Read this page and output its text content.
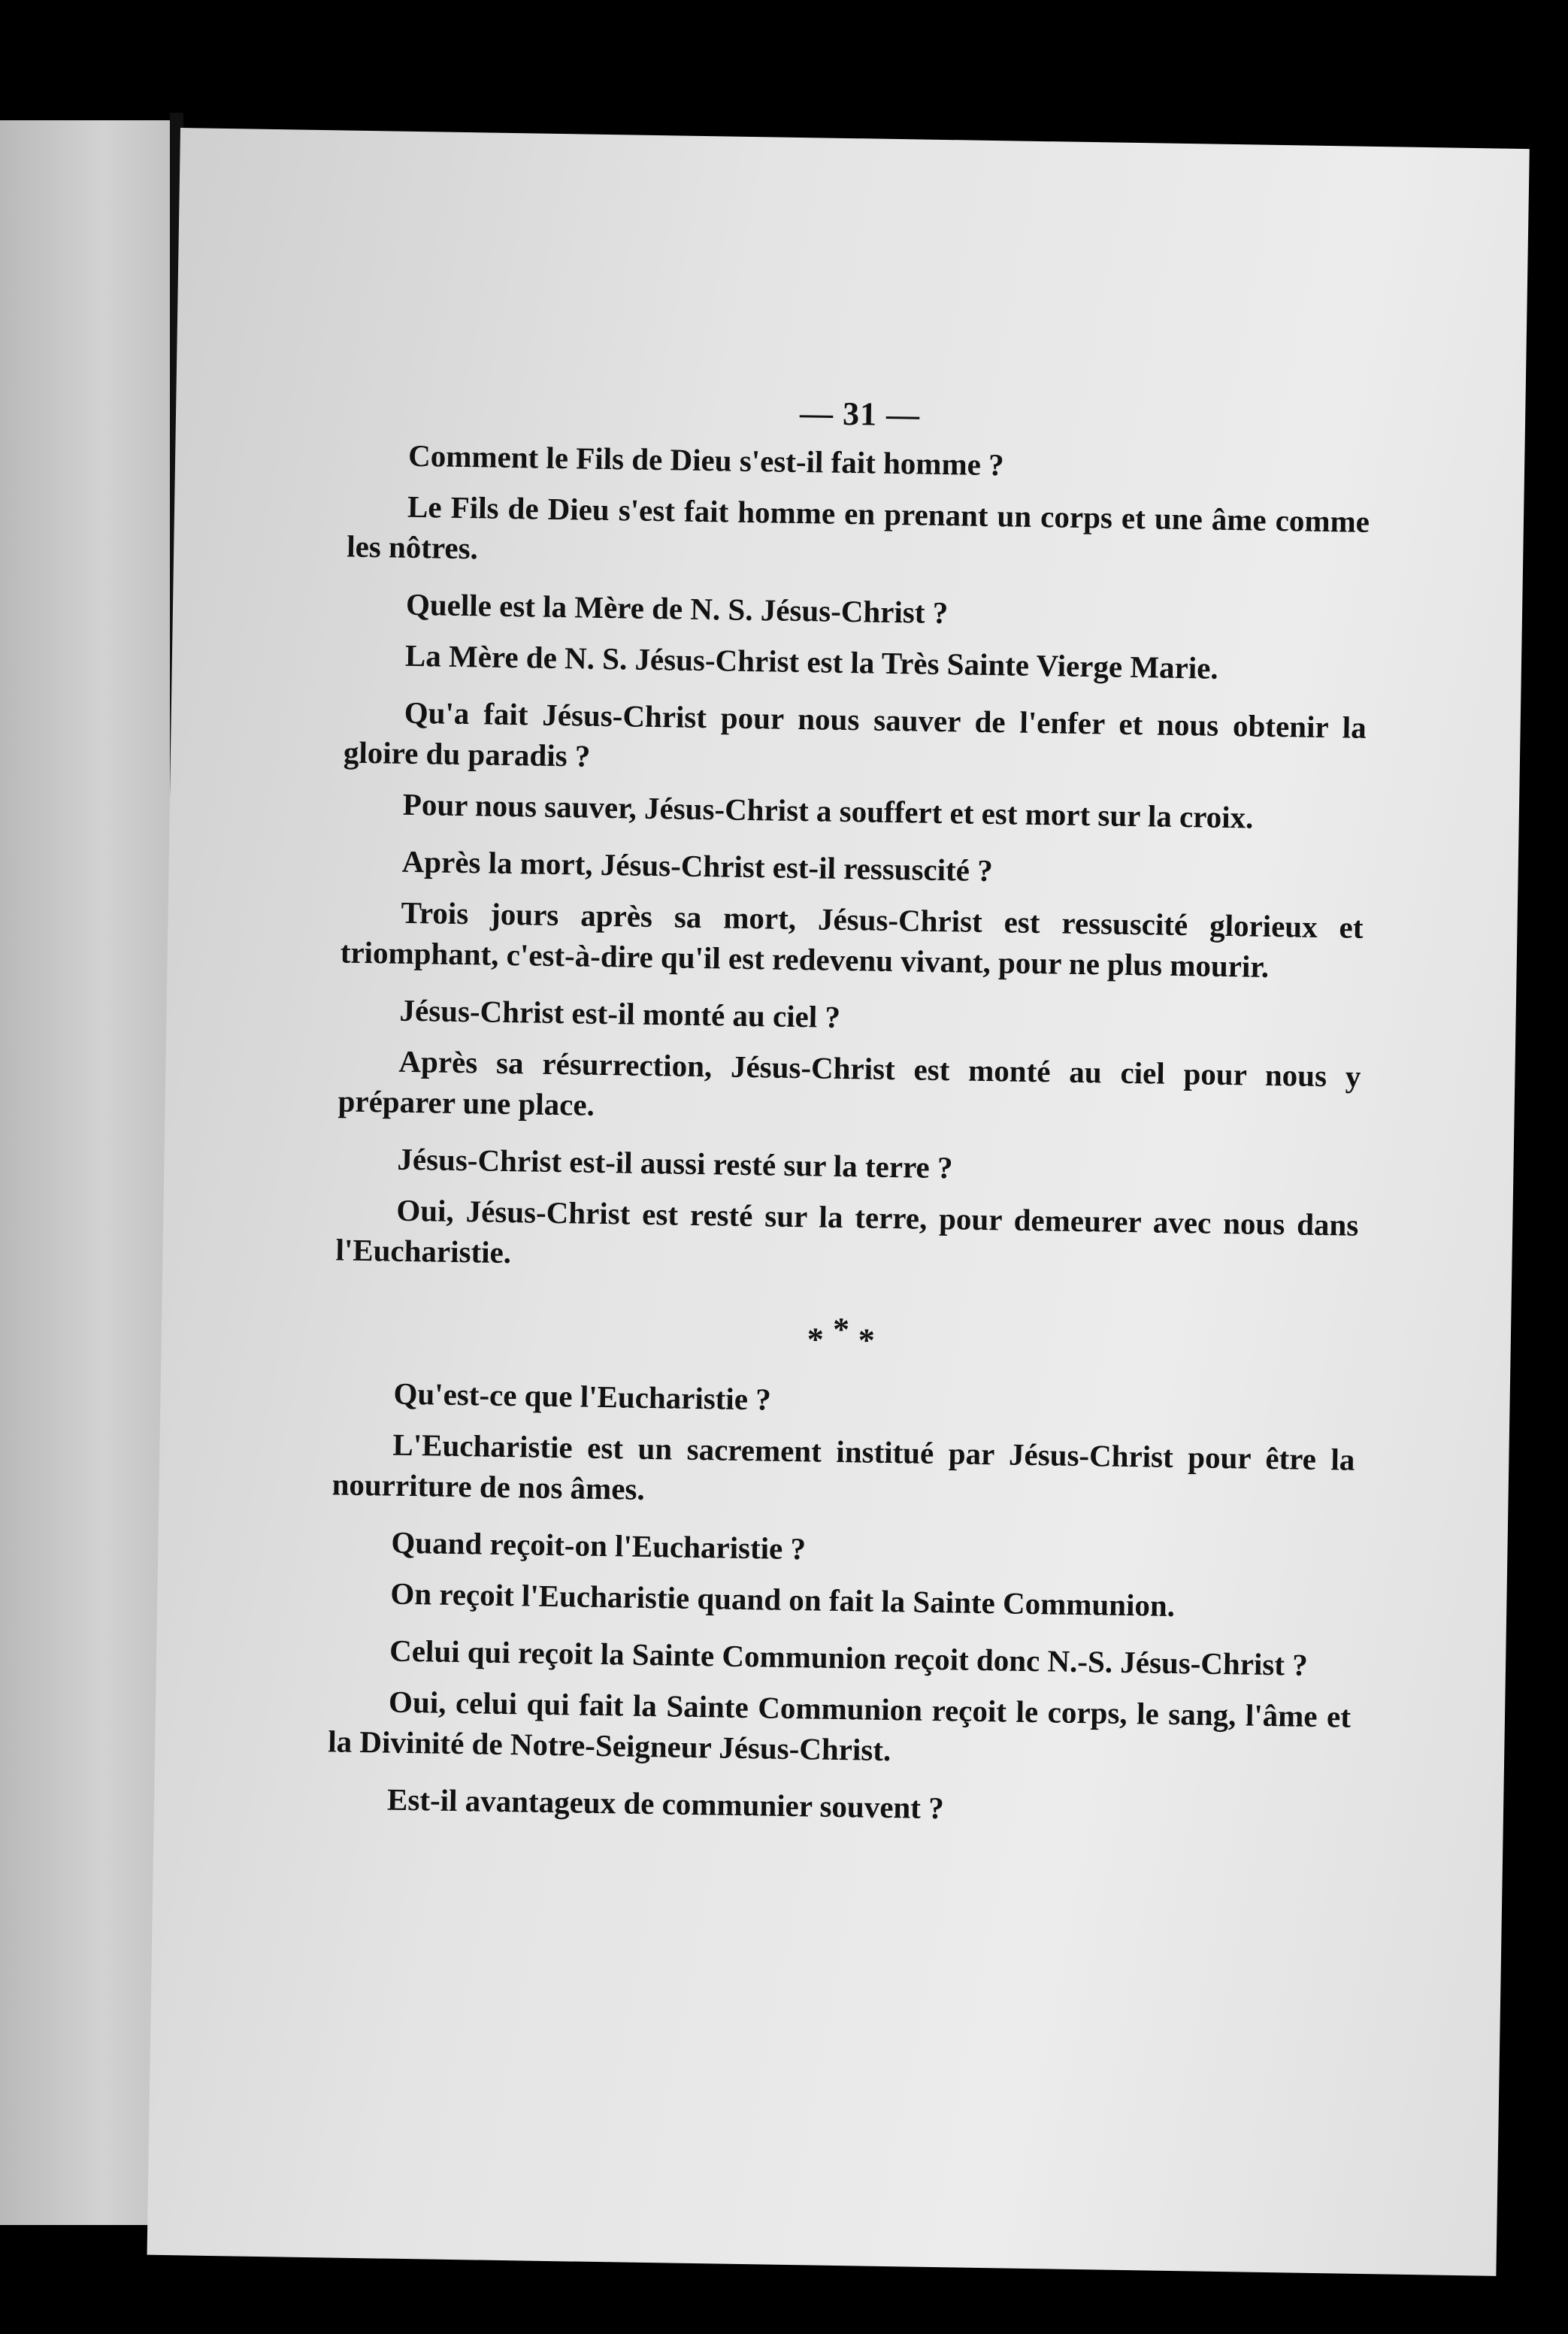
— 31 —

Comment le Fils de Dieu s'est-il fait homme ?

Le Fils de Dieu s'est fait homme en prenant un corps et une âme comme les nôtres.

Quelle est la Mère de N. S. Jésus-Christ ?

La Mère de N. S. Jésus-Christ est la Très Sainte Vierge Marie.

Qu'a fait Jésus-Christ pour nous sauver de l'enfer et nous obtenir la gloire du paradis ?

Pour nous sauver, Jésus-Christ a souffert et est mort sur la croix.

Après la mort, Jésus-Christ est-il ressuscité ?

Trois jours après sa mort, Jésus-Christ est ressuscité glorieux et triomphant, c'est-à-dire qu'il est redevenu vivant, pour ne plus mourir.

Jésus-Christ est-il monté au ciel ?

Après sa résurrection, Jésus-Christ est monté au ciel pour nous y préparer une place.

Jésus-Christ est-il aussi resté sur la terre ?

Oui, Jésus-Christ est resté sur la terre, pour demeurer avec nous dans l'Eucharistie.

***

Qu'est-ce que l'Eucharistie ?

L'Eucharistie est un sacrement institué par Jésus-Christ pour être la nourriture de nos âmes.

Quand reçoit-on l'Eucharistie ?

On reçoit l'Eucharistie quand on fait la Sainte Communion.

Celui qui reçoit la Sainte Communion reçoit donc N.-S. Jésus-Christ ?

Oui, celui qui fait la Sainte Communion reçoit le corps, le sang, l'âme et la Divinité de Notre-Seigneur Jésus-Christ.

Est-il avantageux de communier souvent ?
